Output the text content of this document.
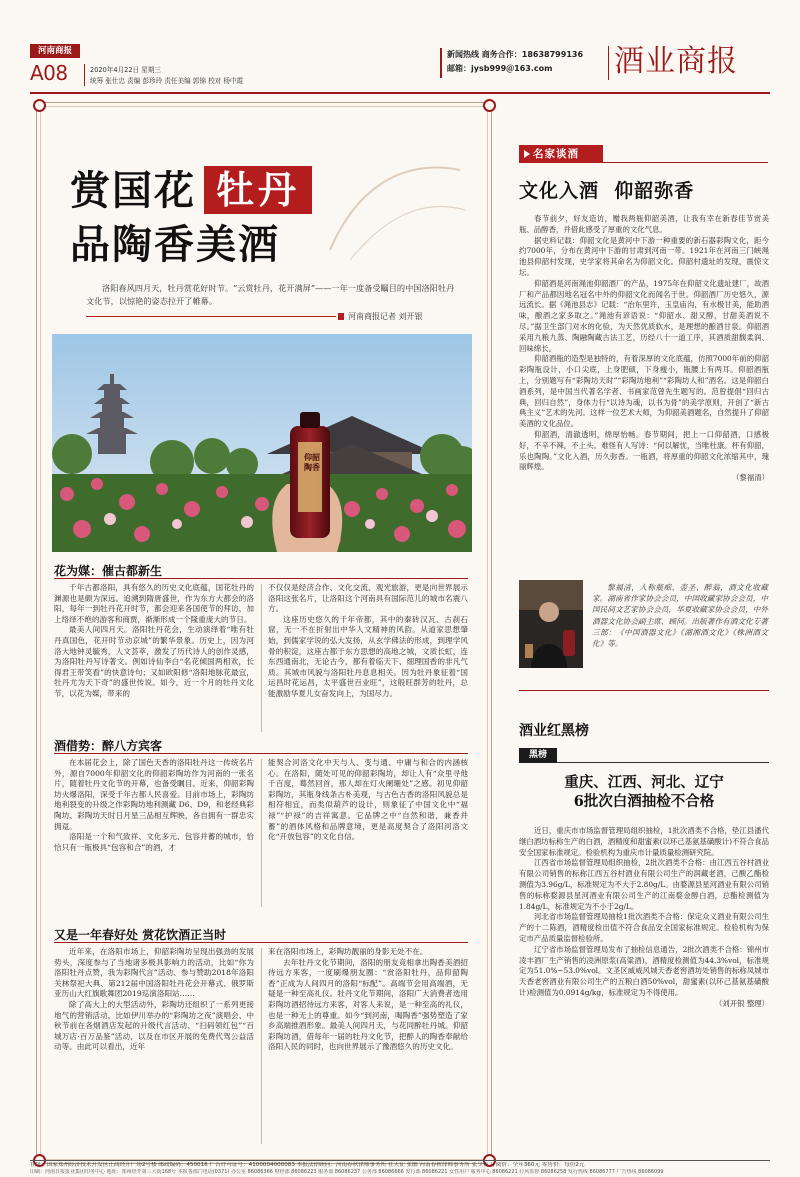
河南商报
A08	2020年4月22日 星期三
统筹 张仕忠 责编 彭珍玲 责任美编 郭锦 校对 杨中霞
新闻热线 商务合作：18638799136
邮箱：jysb999＠163.com 酒业商报
赏国花 牡丹
品陶香美酒
洛阳春风四月天，牡丹赏花好时节。“云赏牡丹，花开满屏”——一年一度备受瞩目的中国洛阳牡丹文化节，以惊艳的姿态拉开了帷幕。
河南商报记者 刘开银
仰韶陶香
花为媒：催古都新生

千年古都洛阳，具有悠久的历史文化底蕴，国花牡丹的渊源也是颇为深远。追溯到隋唐盛世，作为东方大都会的洛阳，每年一到牡丹花开时节，都会迎来各国使节的拜访，加上络绎不绝的游客和商贾，渐渐形成一个隆重庞大的节日。

最美人间四月天。洛阳牡丹花会，生动演绎着“唯有牡丹真国色，花开时节动京城”的繁华景象。历史上，因为河洛大地钟灵毓秀，人文荟萃，激发了历代诗人的创作灵感，为洛阳牡丹写诗著文。例如诗仙李白“名花倾国两相欢，长得君王带笑看”的快意诗句；又如欧阳修“洛阳地脉花最宜，牡丹尤为天下奇”的盛世传说。如今，近一个月的牡丹文化节，以花为媒，带来的

不仅仅是经济合作、文化交流、观光旅游，更是向世界展示洛阳这张名片，让洛阳这个河南具有国际范儿的城市名震八方。

这座历史悠久的千年帝都，其中的秦砖汉瓦、古刹石窟，无一不在折射出中华人文精神的风韵。从道家思想肇始，到儒家学说的弘大发扬，从玄学佛法的形成，到理学风骨的积淀，这座古都于东方思想的高地之城，文质长虹，连东西通南北，无论古今，都有着临天下、细理国香的非凡气质。其城市风貌与洛阳牡丹息息相关。因为牡丹象征着“国运昌时花运昌，太平盛世百业旺”，这般旺群芳的牡丹，总能激励华夏儿女奋发向上，为国尽力。

酒借势：醉八方宾客

在本届花会上，除了国色天香的洛阳牡丹这一传统名片外，源自7000年仰韶文化的仰韶彩陶坊作为河南的一张名片，随着牡丹文化节的开幕，也备受瞩目。近来，仰韶彩陶坊火爆洛阳，深受千年古都人民喜爱。目前市场上，彩陶坊地利裂变的升级之作彩陶坊地利测藏 D6、D9，和老经典彩陶坊、彩陶坊天时日月星三品相互辉映，各自拥有一群忠实拥趸。

洛阳是一个和气致祥、文化多元、包容并蓄的城市，恰恰只有一瓶极具“包容和合”的酒，才

能契合河洛文化中天与人、变与通、中庸与和合的内涵核心。在洛阳，随处可见的仰韶彩陶坊，却让人有“众里寻他千百度，蓦然回首，那人却在灯火阑珊处”之感。初见仰韶彩陶坊，其瓶身线条古朴美观，与古色古香的洛阳风貌总是相符相宜，而类似葫芦的设计，则象征了中国文化中“福禄”“护禄”的吉祥寓意。它品牌之中“自然和谐，兼香并蓄”的酒体风格和品牌意境，更是高度契合了洛阳河洛文化“开放包容”的文化自信。

又是一年春好处 赏花饮酒正当时

近年来，在洛阳市场上，仰韶彩陶坊呈现出强劲的发展势头，深度参与了当地诸多极具影响力的活动，比如“你为洛阳牡丹点赞，我为彩陶代言”活动、参与赞助2018年洛阳关林祭祀大典、第212届中国洛阳牡丹花会开幕式、俄罗斯亚历山大红旗歌舞团2019巡演洛阳站……

除了高大上的大型活动外，彩陶坊还组织了一系列更接地气的营销活动，比如伊川举办的“彩陶坊之夜”演唱会、中秋节前在各烟酒店发起的升级代言活动、“扫码领红包”“百城万店·百万品鉴”活动，以及在市区开展的免费代驾公益活动等。由此可以看出，近年

来在洛阳市场上，彩陶坊靓丽的身影无处不在。

去年牡丹文化节期间，洛阳的朋友竞相拿出陶香美酒招待远方来客，一度刷爆朋友圈：“赏洛阳牡丹，品仰韶陶香”正成为人间四月的洛阳“标配”。高端节会用高端酒，无疑是一种至高礼仪。牡丹文化节期间，洛阳广大消费者选用彩陶坊酒招待远方来客，对客人来说，是一种至高的礼仪，也是一种无上的尊重。如今“到河南，喝陶香”强势塑造了家乡高端推酒形象。最美人间四月天，与花同醉牡丹城。仰韶彩陶坊酒，借每年一届的牡丹文化节，把醉人的陶香奉献给洛阳人民的同时，也向世界展示了豫酒悠久的历史文化。

名家谈酒
文化入酒  仰韶弥香

春节前夕，好友造访，赠我两瓶仰韶美酒，让我有幸在新春佳节赏美瓶、品醇香，并借此感受了厚重的文化气息。

据史料记载：仰韶文化是黄河中下游一种重要的新石器彩陶文化，距今约7000年，分布在黄河中下游的甘肃到河南一带。1921年在河南三门峡渑池县仰韶村发现，史学家将其命名为仰韶文化。仰韶村遗址的发现，震惊文坛。

仰韶酒是河南渑池仰韶酒厂的产品，1975年在仰韶文化遗址建厂，故酒厂和产品都因地名冠名中外的仰韶文化而闻名于世。仰韶酒厂历史悠久，源远流长。据《渑池县志》记载：“治东里许，玉皇庙沟，有水极甘美，能助酒味，酿酒之家多取之。”渑池有谚语说：“仰韶水、甜又醇，甘甜美酒说不尽。”据卫生部门对水的化验，为天然优质软水，是理想的酿酒甘泉。仰韶酒采用九粮九蒸、陶融陶藏古法工艺，历经八十一道工序，其酒质甜馥柔润、回味绵长。

仰韶酒瓶的造型是独特的，有着深厚的文化底蕴，仿照7000年前的仰韶彩陶瓶设计，小口尖底，上身肥硕，下身瘦小，瓶腰上有两耳。仰韶酒瓶上，分别题写有“彩陶坊天时”“彩陶坊地利”“彩陶坊人和”酒名。这是仰韶白酒系列，是中国当代著名学者、书画家范曾先生题写的。范曾提倡“回归古典，回归自然”，身体力行“以诗为魂，以书为骨”的美学原则，开创了“新古典主义”艺术的先河。这样一位艺术大师，为仰韶美酒题名，自然提升了仰韶美酒的文化品位。

仰韶酒，清澈透明，绵厚怡畅。春节期间，把上一口仰韶酒，口感极好，不辛不辣，不上头。难怪有人写诗：“何以解忧，当唯杜康。杯有仰韶，乐也陶陶。”文化入酒，历久弥香。一瓶酒，将厚重的仰韶文化浓缩其中，瑰丽辉煌。

（黎福清）

黎福清，人称瓶痴、壶圣、醉翁，酒文化收藏家。湖南省作家协会会员，中国收藏家协会会员，中国民间文艺家协会会员，华夏收藏家协会会员，中外酒器文化协会副主席、顾问。出版著作有酒文化专著三部：《中国酒器文化》《湖湘酒文化》《株洲酒文化》等。
酒业红黑榜
黑榜
重庆、江西、河北、辽宁
6批次白酒抽检不合格

近日，重庆市市场监督管理局组织抽检，1批次酒类不合格，垫江县潘代继白酒坊标称生产的白酒，酒精度和甜蜜素(以环己基氨基磺酸计)不符合食品安全国家标准规定。检验机构为重庆市计量质量检测研究院。

江西省市场监督管理局组织抽检，2批次酒类不合格：由江西五谷村酒业有限公司销售的标称江西五谷村酒业有限公司生产的润藏老酒，己酸乙酯检测值为3.96g/L，标准规定为不大于2.80g/L。由婺源县星河酒业有限公司销售的标称婺源县星河酒业有限公司生产的江南婺金醇白酒，总酯检测值为1.84g/L，标准规定为不小于2g/L。

河北省市场监督管理局抽检1批次酒类不合格：保定众义酒业有限公司生产的十二陈酒，酒精度检出值不符合食品安全国家标准规定。检验机构为保定市产品质量监督检验所。

辽宁省市场监督管理局发布了抽检信息通告，2批次酒类不合格：锦州市凌丰酒厂生产销售的凌洲原浆(高粱酒)，酒精度检测值为44.3%vol，标准规定为51.0%~53.0%vol。文圣区威威风城天香老窖酒坊处销售的标称凤城市天香老窖酒业有限公司生产的五粮白酒50%vol，甜蜜素(以环己基氨基磺酸计)检测值为0.0914g/kg，标准规定为不得使用。

（刘开银 整理）

社址：国家郑州经济技术开发区正商经开广场2号楼 邮政编码：450016 广告许可证号：4100004000083 本报法律顾问：河南春秋律师事务所 社天征 张幽 河南春秋律师事务所 张少春 订阅价：全年360元 零售价：每份2元
印刷：河南日报报业集团印务中心 地址：郑州经开第三大街168号 本报各部门电话(0371) 办公室 86086366 财经部 86086223 服务部 86086237 公务部 86086666 发行部 86086221 女性用户 服务中心 86086221 行风监督 86086258 发行热线 86086777 广告热线 86086099
